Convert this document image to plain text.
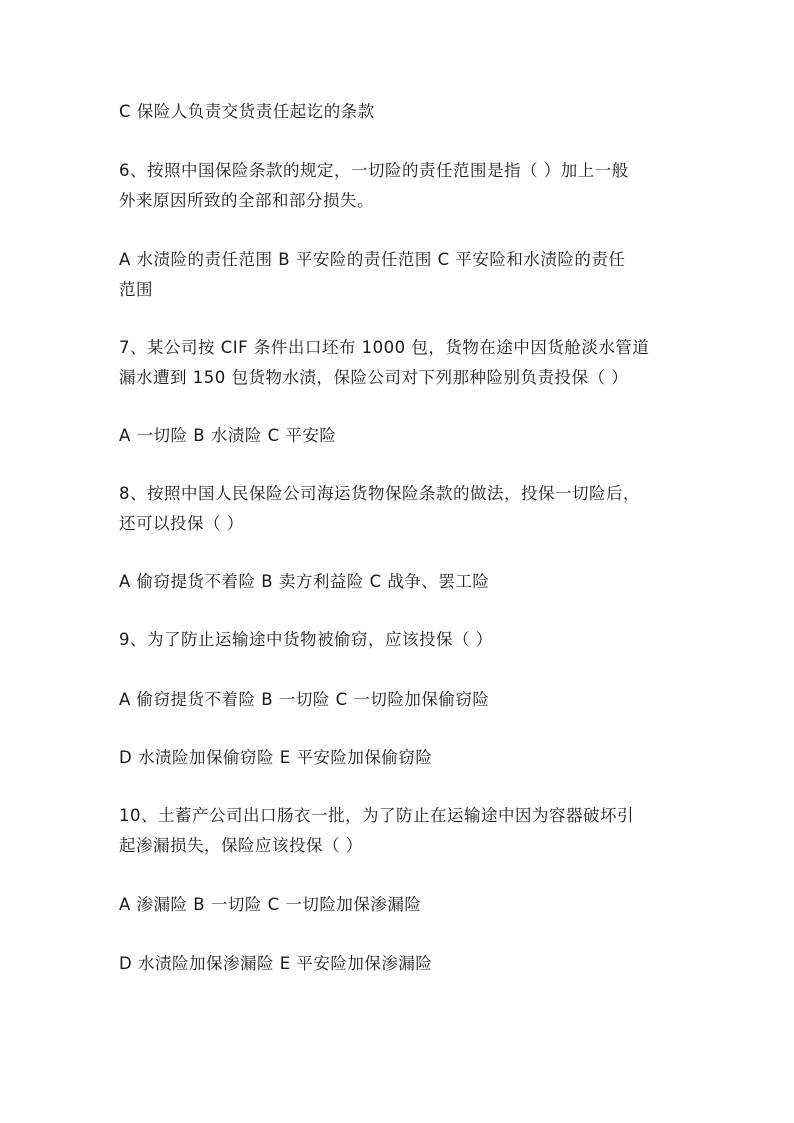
C 保险人负责交货责任起讫的条款
6、按照中国保险条款的规定，一切险的责任范围是指（ ）加上一般
外来原因所致的全部和部分损失。
A 水渍险的责任范围 B 平安险的责任范围 C 平安险和水渍险的责任
范围
7、某公司按 CIF 条件出口坯布 1000 包，货物在途中因货舱淡水管道
漏水遭到 150 包货物水渍，保险公司对下列那种险别负责投保（ ）
A 一切险 B 水渍险 C 平安险
8、按照中国人民保险公司海运货物保险条款的做法，投保一切险后，
还可以投保（ ）
A 偷窃提货不着险 B 卖方利益险 C 战争、罢工险
9、为了防止运输途中货物被偷窃，应该投保（ ）
A 偷窃提货不着险 B 一切险 C 一切险加保偷窃险
D 水渍险加保偷窃险 E 平安险加保偷窃险
10、土蓄产公司出口肠衣一批，为了防止在运输途中因为容器破坏引
起渗漏损失，保险应该投保（ ）
A 渗漏险 B 一切险 C 一切险加保渗漏险
D 水渍险加保渗漏险 E 平安险加保渗漏险
